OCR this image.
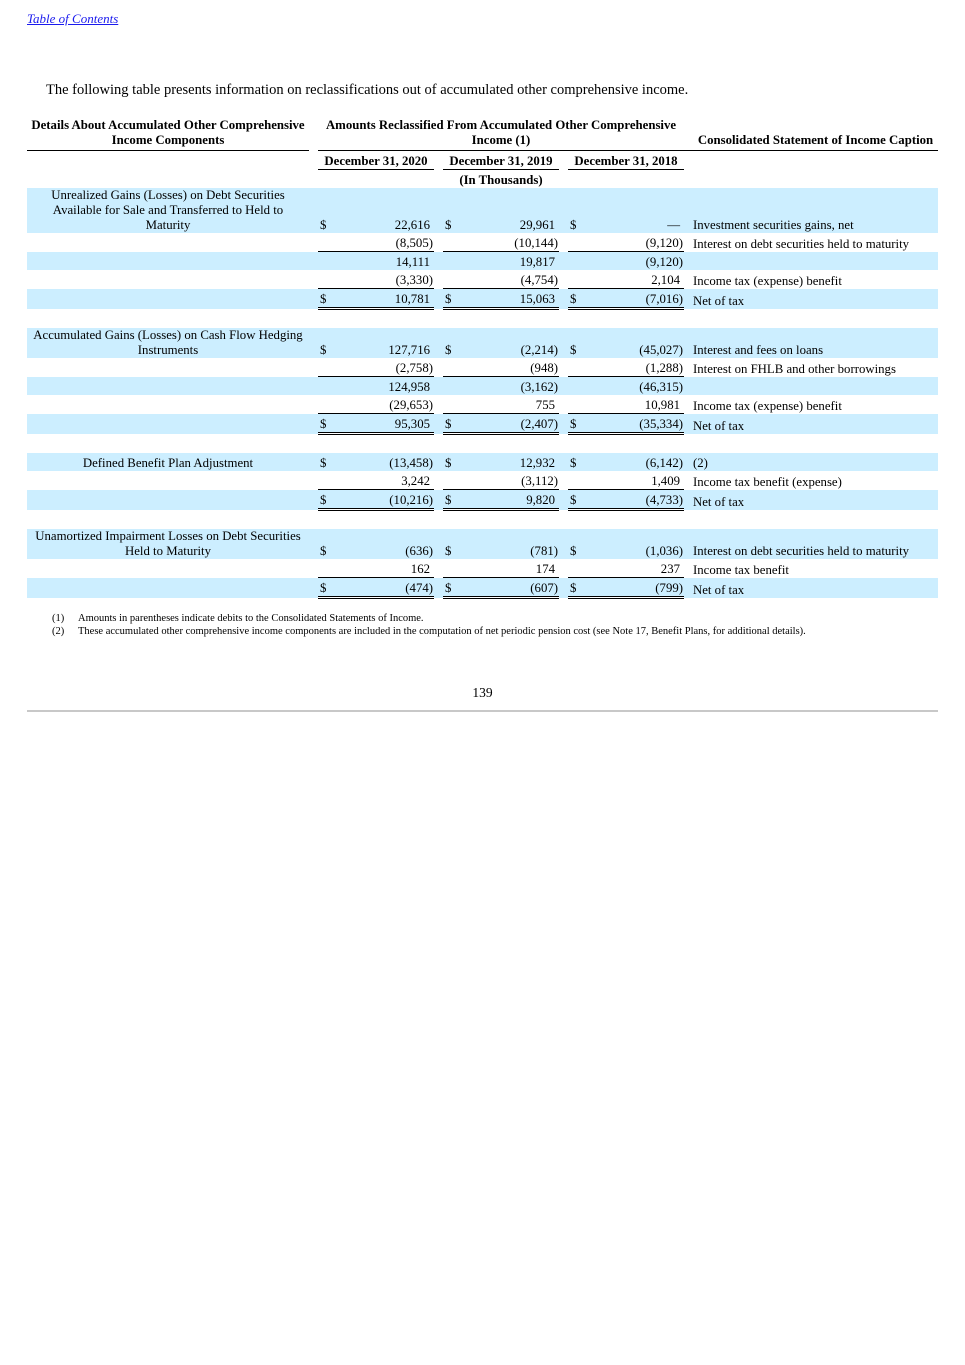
Table of Contents

The following table presents information on reclassifications out of accumulated other comprehensive income.

Details About Accumulated Other Comprehensive Income Components		Amounts Reclassified From Accumulated Other Comprehensive Income (1)					Consolidated Statement of Income Caption
		December 31, 2020		December 31, 2019		December 31, 2018	
		(In Thousands)					
Unrealized Gains (Losses) on Debt Securities Available for Sale and Transferred to Held to Maturity		$ 22,616		$ 29,961		$ —	Investment securities gains, net

		(8,505)		(10,144)		(9,120)	Interest on debt securities held to maturity

		14,111		19,817		(9,120)	

		(3,330)		(4,754)		2,104	Income tax (expense) benefit

		$ 10,781		$ 15,063		$ (7,016)	Net of tax

Accumulated Gains (Losses) on Cash Flow Hedging Instruments		$ 127,716		$ (2,214)		$ (45,027)	Interest and fees on loans

		(2,758)		(948)		(1,288)	Interest on FHLB and other borrowings

		124,958		(3,162)		(46,315)	

		(29,653)		755		10,981	Income tax (expense) benefit

		$ 95,305		$ (2,407)		$ (35,334)	Net of tax

Defined Benefit Plan Adjustment		$ (13,458)		$ 12,932		$ (6,142)	(2)

		3,242		(3,112)		1,409	Income tax benefit (expense)

		$ (10,216)		$ 9,820		$ (4,733)	Net of tax

Unamortized Impairment Losses on Debt Securities Held to Maturity		$ (636)		$ (781)		$ (1,036)	Interest on debt securities held to maturity

		162		174		237	Income tax benefit

		$ (474)		$ (607)		$ (799)	Net of tax
(1) Amounts in parentheses indicate debits to the Consolidated Statements of Income.
(2) These accumulated other comprehensive income components are included in the computation of net periodic pension cost (see Note 17, Benefit Plans, for additional details).
139
